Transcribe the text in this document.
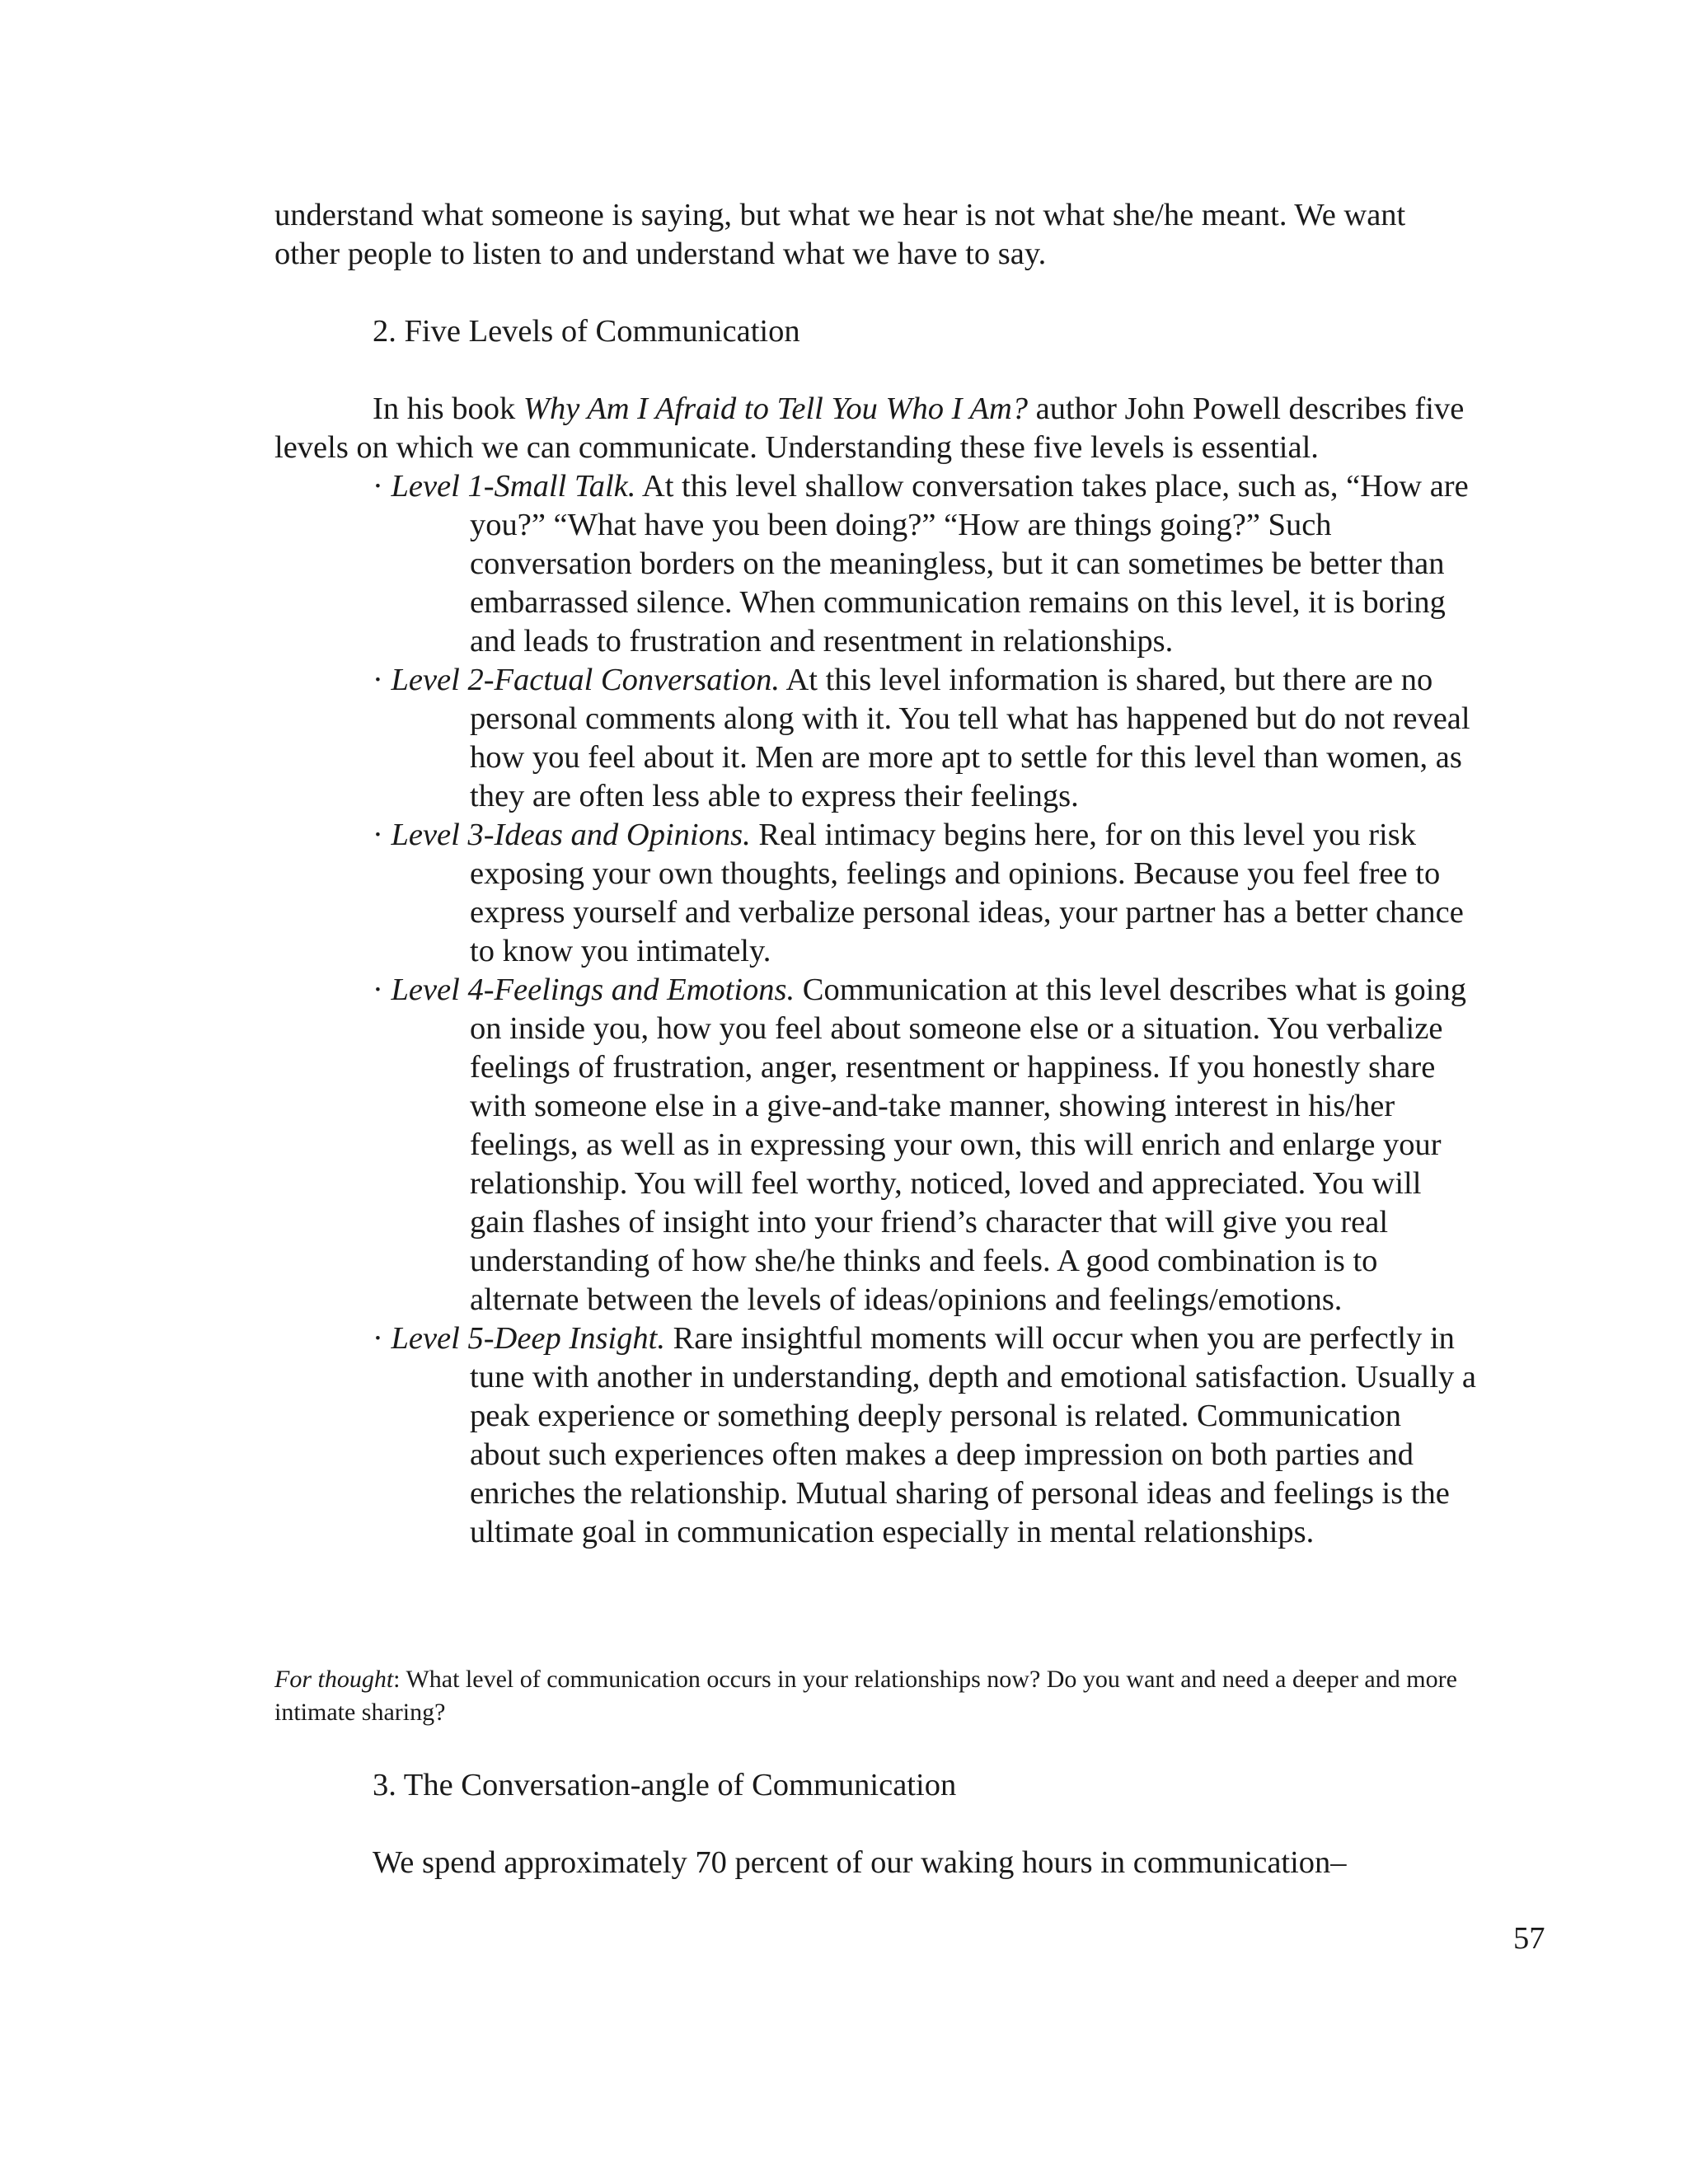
understand what someone is saying, but what we hear is not what she/he meant. We want other people to listen to and understand what we have to say.

2. Five Levels of Communication

In his book Why Am I Afraid to Tell You Who I Am? author John Powell describes five levels on which we can communicate. Understanding these five levels is essential.

· Level 1-Small Talk. At this level shallow conversation takes place, such as, “How are you?” “What have you been doing?” “How are things going?” Such conversation borders on the meaningless, but it can sometimes be better than embarrassed silence. When communication remains on this level, it is boring and leads to frustration and resentment in relationships.
· Level 2-Factual Conversation. At this level information is shared, but there are no personal comments along with it. You tell what has happened but do not reveal how you feel about it. Men are more apt to settle for this level than women, as they are often less able to express their feelings.
· Level 3-Ideas and Opinions. Real intimacy begins here, for on this level you risk exposing your own thoughts, feelings and opinions. Because you feel free to express yourself and verbalize personal ideas, your partner has a better chance to know you intimately.
· Level 4-Feelings and Emotions. Communication at this level describes what is going on inside you, how you feel about someone else or a situation. You verbalize feelings of frustration, anger, resentment or happiness. If you honestly share with someone else in a give-and-take manner, showing interest in his/her feelings, as well as in expressing your own, this will enrich and enlarge your relationship. You will feel worthy, noticed, loved and appreciated. You will gain flashes of insight into your friend’s character that will give you real understanding of how she/he thinks and feels. A good combination is to alternate between the levels of ideas/opinions and feelings/emotions.
· Level 5-Deep Insight. Rare insightful moments will occur when you are perfectly in tune with another in understanding, depth and emotional satisfaction. Usually a peak experience or something deeply personal is related. Communication about such experiences often makes a deep impression on both parties and enriches the relationship. Mutual sharing of personal ideas and feelings is the ultimate goal in communication especially in mental relationships.

For thought: What level of communication occurs in your relationships now? Do you want and need a deeper and more intimate sharing?

3. The Conversation-angle of Communication

We spend approximately 70 percent of our waking hours in communication–

57
